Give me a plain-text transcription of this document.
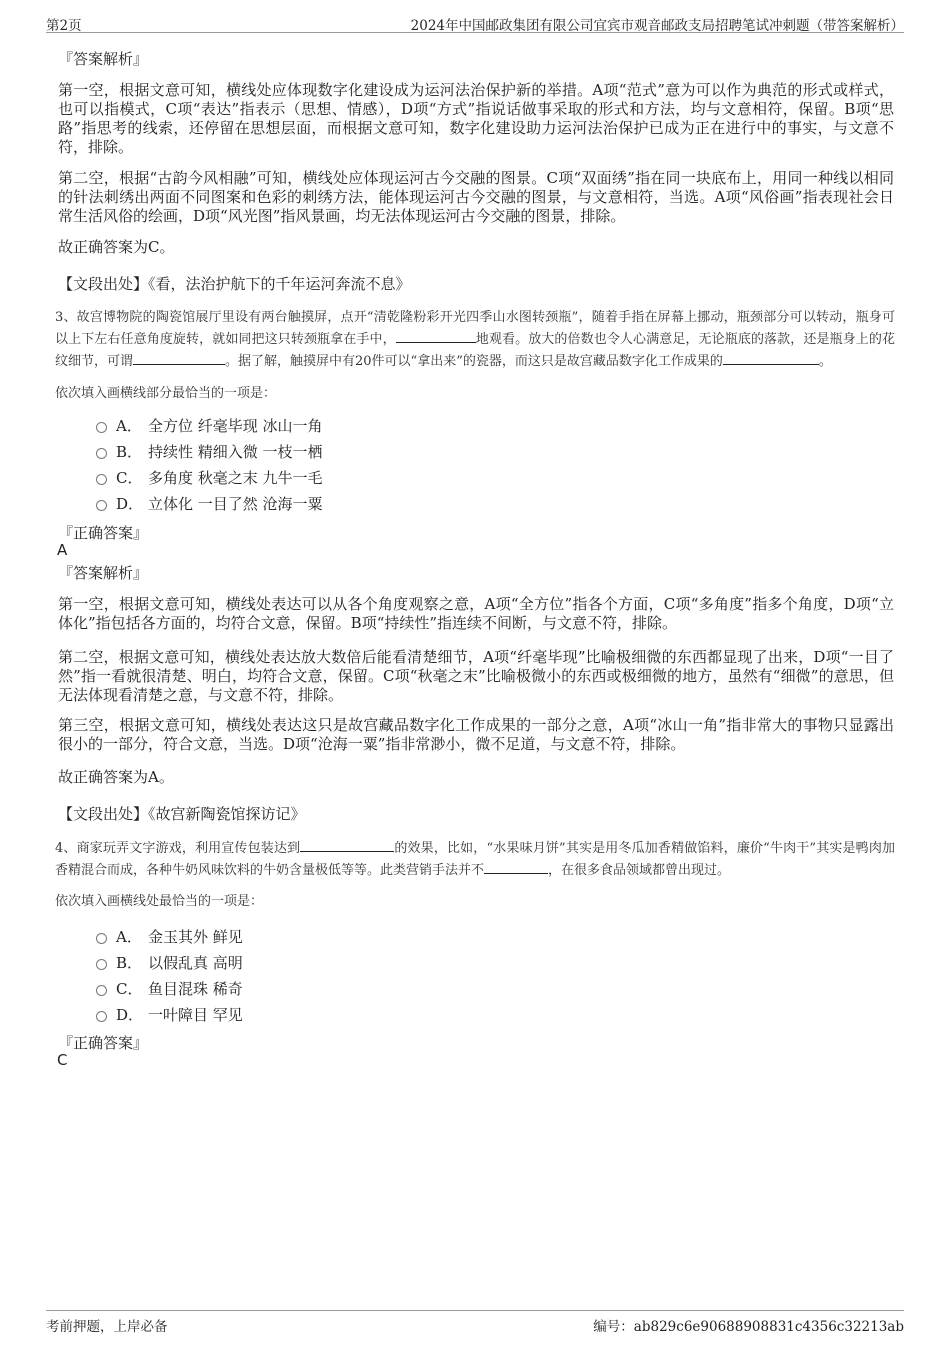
第2页	2024年中国邮政集团有限公司宜宾市观音邮政支局招聘笔试冲刺题（带答案解析）
『答案解析』
第一空，根据文意可知，横线处应体现数字化建设成为运河法治保护新的举措。A项“范式”意为可以作为典范的形式或样式，也可以指模式，C项“表达”指表示（思想、情感），D项“方式”指说话做事采取的形式和方法，均与文意相符，保留。B项“思路”指思考的线索，还停留在思想层面，而根据文意可知，数字化建设助力运河法治保护已成为正在进行中的事实，与文意不符，排除。
第二空，根据“古韵今风相融”可知，横线处应体现运河古今交融的图景。C项“双面绣”指在同一块底布上，用同一种线以相同的针法刺绣出两面不同图案和色彩的刺绣方法，能体现运河古今交融的图景，与文意相符，当选。A项“风俗画”指表现社会日常生活风俗的绘画，D项“风光图”指风景画，均无法体现运河古今交融的图景，排除。
故正确答案为C。
【文段出处】《看，法治护航下的千年运河奔流不息》
3、故宫博物院的陶瓷馆展厅里设有两台触摸屏，点开“清乾隆粉彩开光四季山水图转颈瓶”，随着手指在屏幕上挪动，瓶颈部分可以转动，瓶身可以上下左右任意角度旋转，就如同把这只转颈瓶拿在手中，	地观看。放大的倍数也令人心满意足，无论瓶底的落款，还是瓶身上的花纹细节，可谓	。据了解，触摸屏中有20件可以“拿出来”的瓷器，而这只是故宫藏品数字化工作成果的	。
依次填入画横线部分最恰当的一项是：
A． 全方位 纤毫毕现 冰山一角
B． 持续性 精细入微 一枝一栖
C． 多角度 秋毫之末 九牛一毛
D． 立体化 一目了然 沧海一粟
『正确答案』
A
『答案解析』
第一空，根据文意可知，横线处表达可以从各个角度观察之意，A项“全方位”指各个方面，C项“多角度”指多个角度，D项“立体化”指包括各方面的，均符合文意，保留。B项“持续性”指连续不间断，与文意不符，排除。
第二空，根据文意可知，横线处表达放大数倍后能看清楚细节，A项“纤毫毕现”比喻极细微的东西都显现了出来，D项“一目了然”指一看就很清楚、明白，均符合文意，保留。C项“秋毫之末”比喻极微小的东西或极细微的地方，虽然有“细微”的意思，但无法体现看清楚之意，与文意不符，排除。
第三空，根据文意可知，横线处表达这只是故宫藏品数字化工作成果的一部分之意，A项“冰山一角”指非常大的事物只显露出很小的一部分，符合文意，当选。D项“沧海一粟”指非常渺小，微不足道，与文意不符，排除。
故正确答案为A。
【文段出处】《故宫新陶瓷馆探访记》
4、商家玩弄文字游戏，利用宣传包装达到	的效果，比如，“水果味月饼”其实是用冬瓜加香精做馅料，廉价“牛肉干”其实是鸭肉加香精混合而成，各种牛奶风味饮料的牛奶含量极低等等。此类营销手法并不	，在很多食品领域都曾出现过。
依次填入画横线处最恰当的一项是：
A． 金玉其外 鲜见
B． 以假乱真 高明
C． 鱼目混珠 稀奇
D． 一叶障目 罕见
『正确答案』
C
考前押题，上岸必备	编号：ab829c6e90688908831c4356c32213ab
